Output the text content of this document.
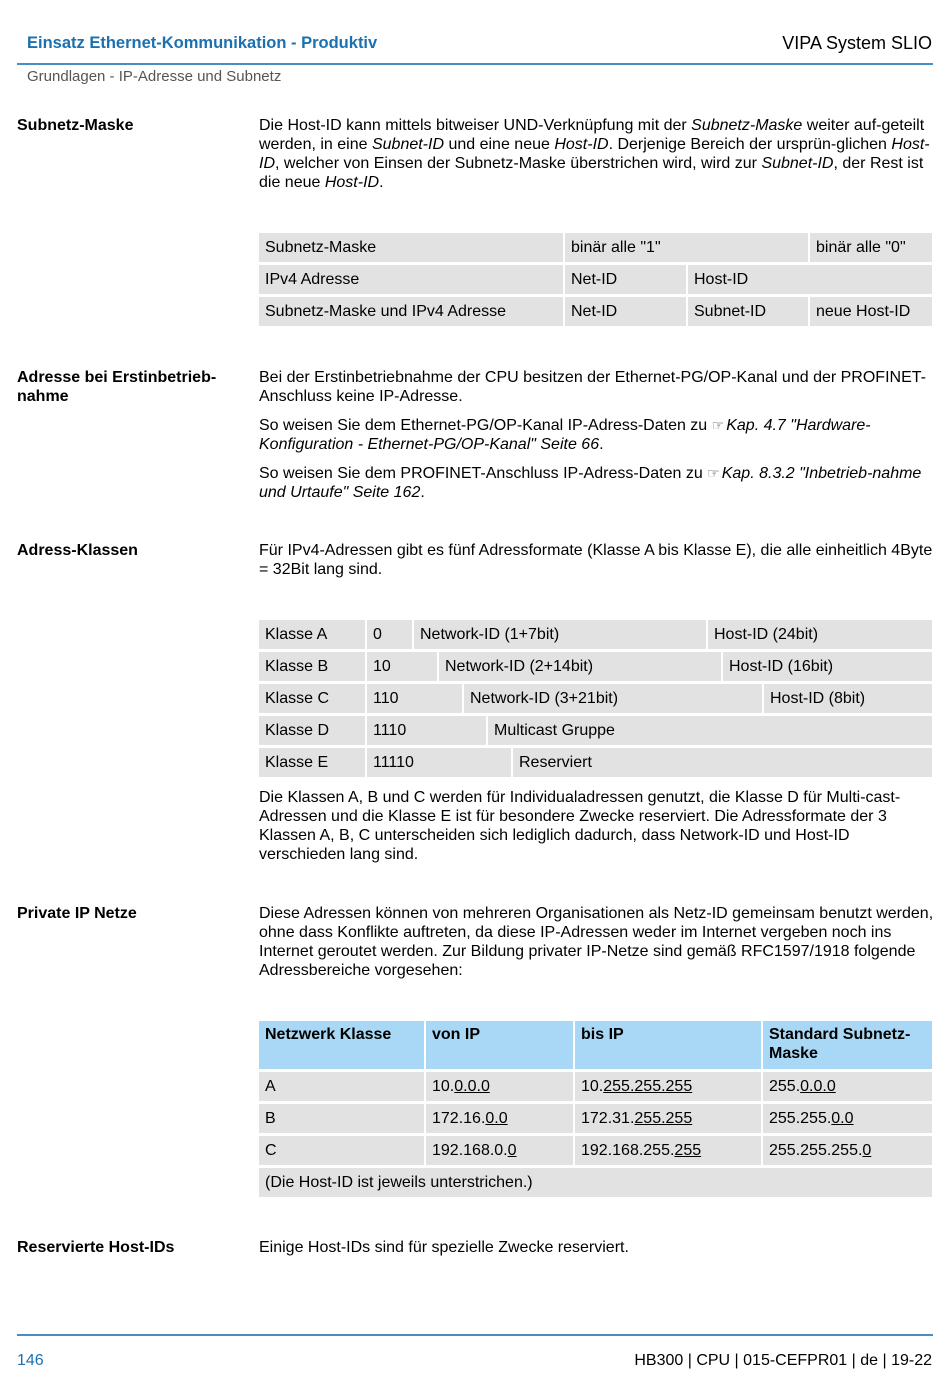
Einsatz Ethernet-Kommunikation - Produktiv	VIPA System SLIO
Grundlagen - IP-Adresse und Subnetz
Subnetz-Maske	Die Host-ID kann mittels bitweiser UND-Verknüpfung mit der Subnetz-Maske weiter auf-geteilt werden, in eine Subnet-ID und eine neue Host-ID. Derjenige Bereich der ursprün-glichen Host-ID, welcher von Einsen der Subnetz-Maske überstrichen wird, wird zur Subnet-ID, der Rest ist die neue Host-ID.
Subnetz-Maske	binär alle "1"	binär alle "0"
IPv4 Adresse	Net-ID	Host-ID
Subnetz-Maske und IPv4 Adresse	Net-ID	Subnet-ID	neue Host-ID
Adresse bei Erstinbetrieb-nahme

Bei der Erstinbetriebnahme der CPU besitzen der Ethernet-PG/OP-Kanal und der PROFINET-Anschluss keine IP-Adresse.

So weisen Sie dem Ethernet-PG/OP-Kanal IP-Adress-Daten zu ☞ Kap. 4.7 "Hardware-Konfiguration - Ethernet-PG/OP-Kanal" Seite 66.

So weisen Sie dem PROFINET-Anschluss IP-Adress-Daten zu ☞ Kap. 8.3.2 "Inbetrieb-nahme und Urtaufe" Seite 162.

Adress-Klassen	Für IPv4-Adressen gibt es fünf Adressformate (Klasse A bis Klasse E), die alle einheitlich 4Byte = 32Bit lang sind.
Klasse A	0	Network-ID (1+7bit)	Host-ID (24bit)
Klasse B	10	Network-ID (2+14bit)	Host-ID (16bit)
Klasse C	110	Network-ID (3+21bit)	Host-ID (8bit)
Klasse D	1110	Multicast Gruppe
Klasse E	11110	Reserviert
Die Klassen A, B und C werden für Individualadressen genutzt, die Klasse D für Multi-cast-Adressen und die Klasse E ist für besondere Zwecke reserviert. Die Adressformate der 3 Klassen A, B, C unterscheiden sich lediglich dadurch, dass Network-ID und Host-ID verschieden lang sind.
Private IP Netze	Diese Adressen können von mehreren Organisationen als Netz-ID gemeinsam benutzt werden, ohne dass Konflikte auftreten, da diese IP-Adressen weder im Internet vergeben noch ins Internet geroutet werden. Zur Bildung privater IP-Netze sind gemäß RFC1597/1918 folgende Adressbereiche vorgesehen:
Netzwerk Klasse	von IP	bis IP	Standard Subnetz-Maske
A	10.0.0.0	10.255.255.255	255.0.0.0
B	172.16.0.0	172.31.255.255	255.255.0.0
C	192.168.0.0	192.168.255.255	255.255.255.0
(Die Host-ID ist jeweils unterstrichen.)
Reservierte Host-IDs	Einige Host-IDs sind für spezielle Zwecke reserviert.
146	HB300 | CPU | 015-CEFPR01 | de | 19-22
